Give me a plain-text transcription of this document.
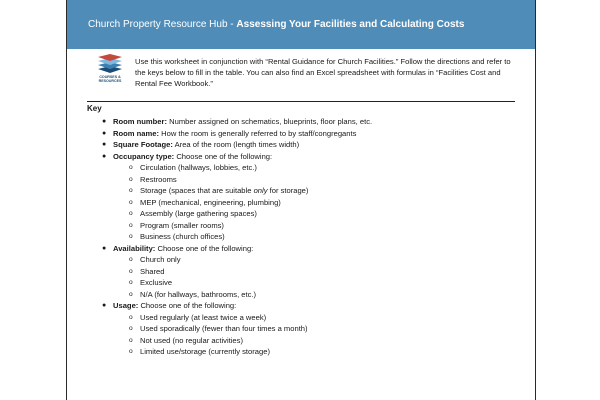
Church Property Resource Hub - Assessing Your Facilities and Calculating Costs
COURSES &
RESOURCES
Use this worksheet in conjunction with “Rental Guidance for Church Facilities.” Follow the directions and refer to the keys below to fill in the table. You can also find an Excel spreadsheet with formulas in “Facilities Cost and Rental Fee Workbook.”
Key
● Room number: Number assigned on schematics, blueprints, floor plans, etc.
● Room name: How the room is generally referred to by staff/congregants
● Square Footage: Area of the room (length times width)
● Occupancy type: Choose one of the following:
o Circulation (hallways, lobbies, etc.)
o Restrooms
o Storage (spaces that are suitable only for storage)
o MEP (mechanical, engineering, plumbing)
o Assembly (large gathering spaces)
o Program (smaller rooms)
o Business (church offices)
● Availability: Choose one of the following:
o Church only
o Shared
o Exclusive
o N/A (for hallways, bathrooms, etc.)
● Usage: Choose one of the following:
o Used regularly (at least twice a week)
o Used sporadically (fewer than four times a month)
o Not used (no regular activities)
o Limited use/storage (currently storage)
